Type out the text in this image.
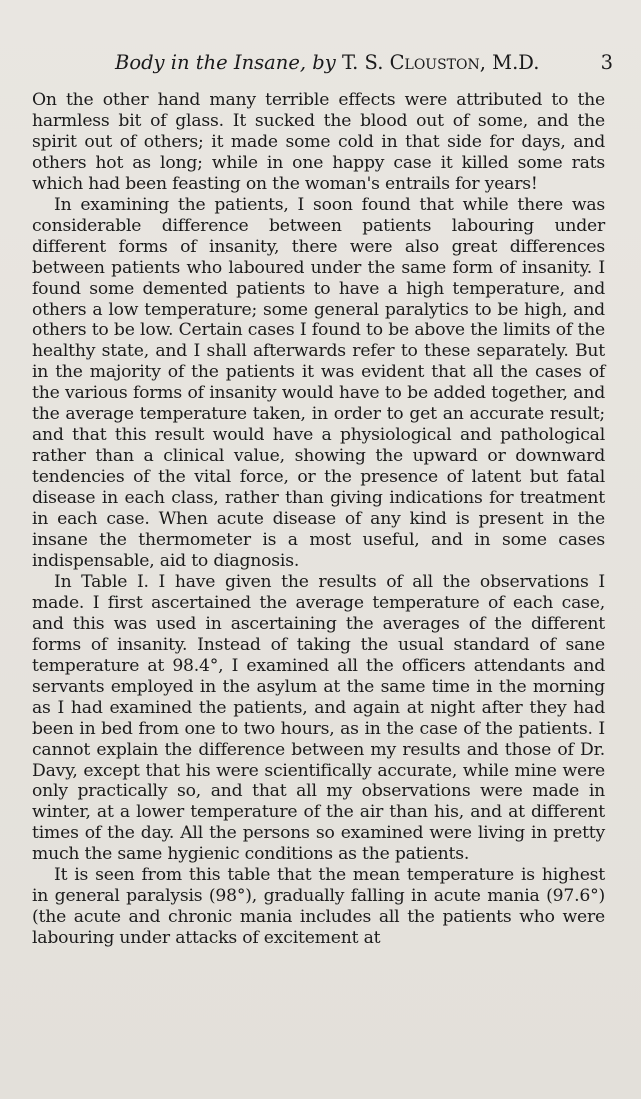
Body in the Insane, by T. S. Clouston, M.D.	3

On the other hand many terrible effects were attributed to the harmless bit of glass. It sucked the blood out of some, and the spirit out of others; it made some cold in that side for days, and others hot as long; while in one happy case it killed some rats which had been feasting on the woman's entrails for years!

In examining the patients, I soon found that while there was considerable difference between patients labouring under different forms of insanity, there were also great differences between patients who laboured under the same form of insanity. I found some demented patients to have a high temperature, and others a low temperature; some general paralytics to be high, and others to be low. Certain cases I found to be above the limits of the healthy state, and I shall afterwards refer to these separately. But in the majority of the patients it was evident that all the cases of the various forms of insanity would have to be added together, and the average temperature taken, in order to get an accurate result; and that this result would have a physiological and pathological rather than a clinical value, showing the upward or downward tendencies of the vital force, or the presence of latent but fatal disease in each class, rather than giving indications for treatment in each case. When acute disease of any kind is present in the insane the thermometer is a most useful, and in some cases indispensable, aid to diagnosis.

In Table I. I have given the results of all the observations I made. I first ascertained the average temperature of each case, and this was used in ascertaining the averages of the different forms of insanity. Instead of taking the usual standard of sane temperature at 98.4°, I examined all the officers attendants and servants employed in the asylum at the same time in the morning as I had examined the patients, and again at night after they had been in bed from one to two hours, as in the case of the patients. I cannot explain the difference between my results and those of Dr. Davy, except that his were scientifically accurate, while mine were only practically so, and that all my observations were made in winter, at a lower temperature of the air than his, and at different times of the day. All the persons so examined were living in pretty much the same hygienic conditions as the patients.

It is seen from this table that the mean temperature is highest in general paralysis (98°), gradually falling in acute mania (97.6°) (the acute and chronic mania includes all the patients who were labouring under attacks of excitement at
